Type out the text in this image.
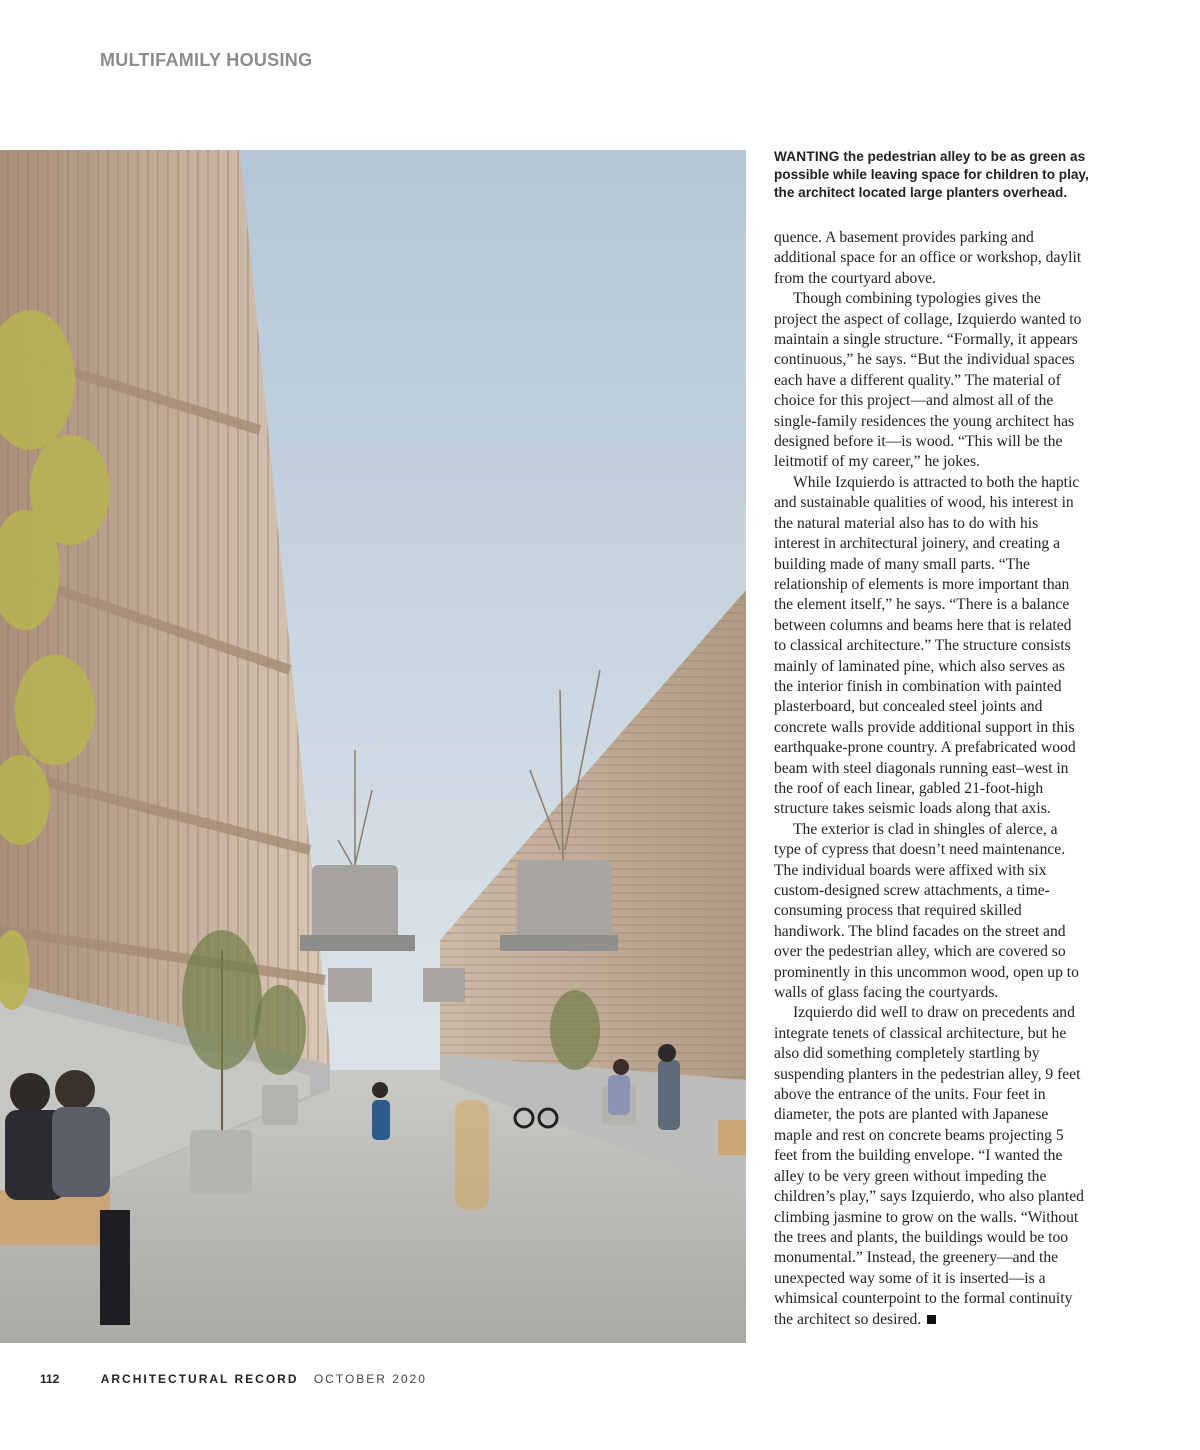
MULTIFAMILY HOUSING

WANTING the pedestrian alley to be as green as possible while leaving space for children to play, the architect located large planters overhead.

quence. A basement provides parking and additional space for an office or workshop, daylit from the courtyard above.

Though combining typologies gives the project the aspect of collage, Izquierdo wanted to maintain a single structure. “Formally, it appears continuous,” he says. “But the individual spaces each have a different quality.” The material of choice for this project—and almost all of the single-family residences the young architect has designed before it—is wood. “This will be the leitmotif of my career,” he jokes.

While Izquierdo is attracted to both the haptic and sustainable qualities of wood, his interest in the natural material also has to do with his interest in architectural joinery, and creating a building made of many small parts. “The relationship of elements is more important than the element itself,” he says. “There is a balance between columns and beams here that is related to classical architecture.” The structure consists mainly of laminated pine, which also serves as the interior finish in combination with painted plasterboard, but concealed steel joints and concrete walls provide additional support in this earthquake-prone country. A prefabricated wood beam with steel diagonals running east–west in the roof of each linear, gabled 21-foot-high structure takes seismic loads along that axis.

The exterior is clad in shingles of alerce, a type of cypress that doesn’t need maintenance. The individual boards were affixed with six custom-designed screw attachments, a time-consuming process that required skilled handiwork. The blind facades on the street and over the pedestrian alley, which are covered so prominently in this uncommon wood, open up to walls of glass facing the courtyards.

Izquierdo did well to draw on precedents and integrate tenets of classical architecture, but he also did something completely startling by suspending planters in the pedestrian alley, 9 feet above the entrance of the units. Four feet in diameter, the pots are planted with Japanese maple and rest on concrete beams projecting 5 feet from the building envelope. “I wanted the alley to be very green without impeding the children’s play,” says Izquierdo, who also planted climbing jasmine to grow on the walls. “Without the trees and plants, the buildings would be too monumental.” Instead, the greenery—and the unexpected way some of it is inserted—is a whimsical counterpoint to the formal continuity the architect so desired.

112	ARCHITECTURAL RECORD OCTOBER 2020
